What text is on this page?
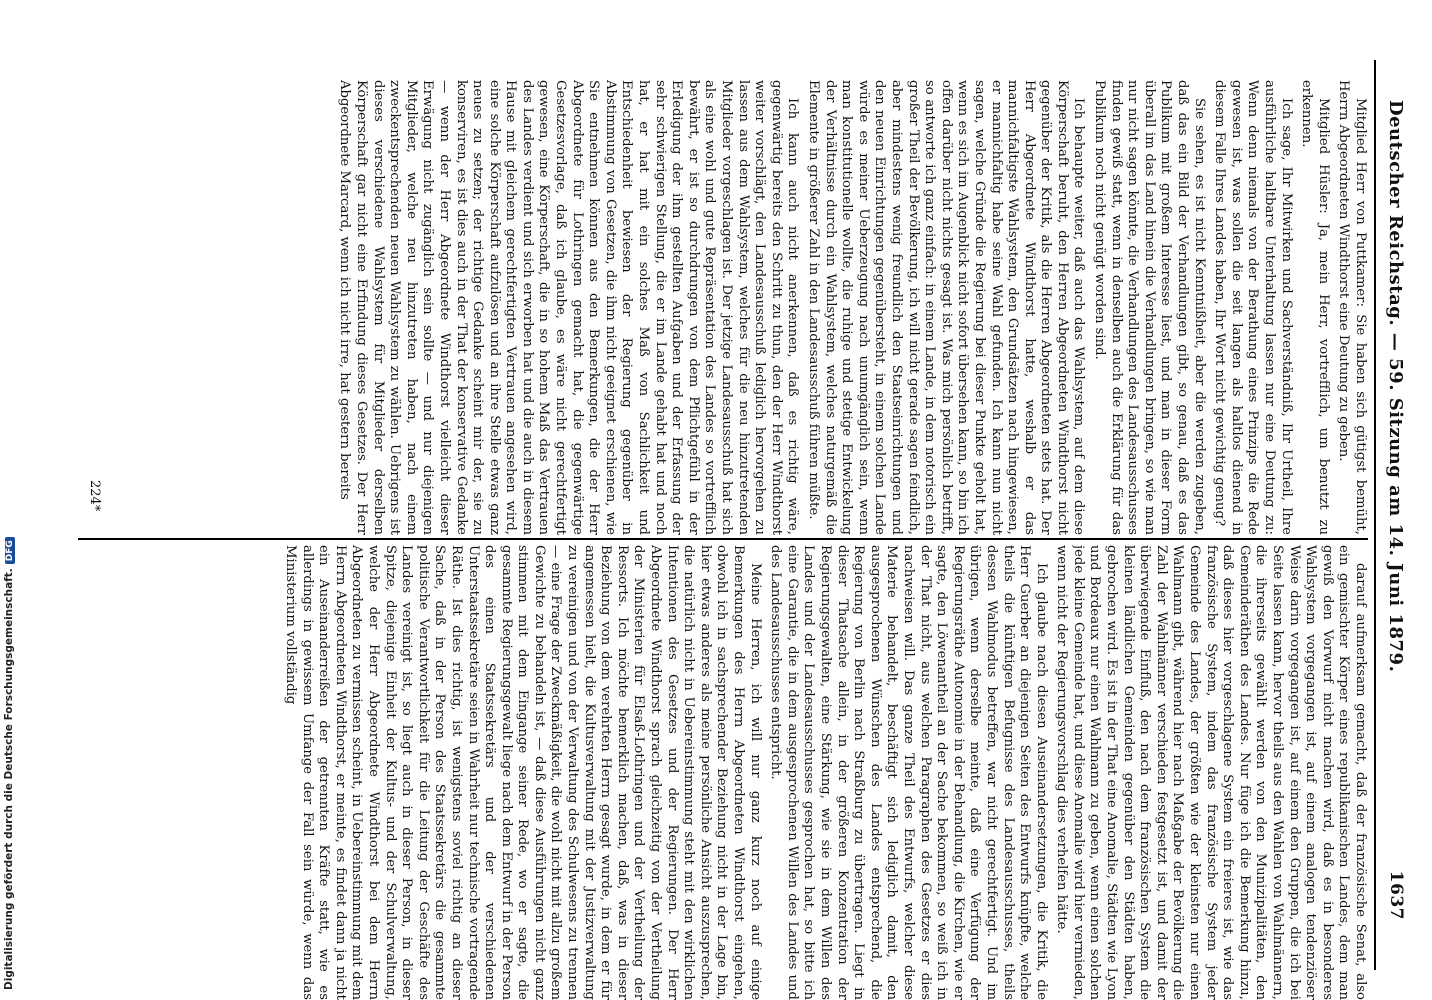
Deutscher Reichstag. — 59. Sitzung am 14. Juni 1879.
1637

Mitglied Herr von Puttkamer: Sie haben sich gütigst bemüht, Herrn Abgeordneten Windthorst eine Deutung zu geben.

Mitglied Hüsler: Ja, mein Herr, vortrefflich, um benutzt zu erkennen.

Ich sage, Ihr Mitwirken und Sachverständniß, Ihr Urtheil, Ihre ausführliche haltbare Unterhaltung lassen nur eine Deutung zu: Wenn denn niemals von der Berathung eines Prinzips die Rede gewesen ist, was sollen die seit langen als haltlos dienend in diesem Falle Ihres Landes haben, Ihr Wort nicht gewichtig genug?

Sie sehen, es ist nicht Kenntnißheit, aber die werden zugeben, daß das ein Bild der Verhandlungen gibt, so genau, daß es das Publikum mit großem Interesse liest, und man in dieser Form überall im das Land hinein die Verhandlungen bringen, so wie man nur nicht sagen könnte, die Verhandlungen des Landesausschusses finden gewiß statt, wenn in denselben auch die Erklärung für das Publikum noch nicht genügt worden sind.

Ich behaupte weiter, daß auch das Wahlsystem, auf dem diese Körperschaft beruht, den Herren Abgeordneten Windthorst nicht gegenüber der Kritik, als die Herren Abgeordneten stets hat. Der Herr Abgeordnete Windthorst hatte, weshalb er das mannichfaltigste Wahlsystem, den Grundsätzen nach hingewiesen, er mannichfaltig habe seine Wahl gefunden. Ich kann nun nicht sagen, welche Gründe die Regierung bei dieser Punkte geholt hat, wenn es sich im Augenblick nicht sofort übersehen kann, so bin ich offen darüber nicht nichts gesagt ist. Was mich persönlich betrifft, so antworte ich ganz einfach: in einem Lande, in dem notorisch ein großer Theil der Bevölkerung, ich will nicht gerade sagen feindlich, aber mindestens wenig freundlich den Staatseinrichtungen und den neuen Einrichtungen gegenübersteht, in einem solchen Lande würde es meiner Ueberzeugung nach unumgänglich sein, wenn man konstitutionelle wollte, die ruhige und stetige Entwickelung der Verhältnisse durch ein Wahlsystem, welches naturgemäß die Elemente in größerer Zahl in den Landesausschuß führen müßte.

Ich kann auch nicht anerkennen, daß es richtig wäre, gegenwärtig bereits den Schritt zu thun, den der Herr Windthorst weiter vorschlägt, den Landesausschuß lediglich hervorgehen zu lassen aus dem Wahlsystem, welches für die neu hinzutretenden Mitglieder vorgeschlagen ist. Der jetzige Landesausschuß hat sich als eine wohl und gute Repräsentation des Landes so vortrefflich bewährt, er ist so durchdrungen von dem Pflichtgefühl in der Erledigung der ihm gestellten Aufgaben und der Erfassung der sehr schwierigen Stellung, die er im Lande gehabt hat und noch hat, er hat mit ein solches Maß von Sachlichkeit und Entschiedenheit bewiesen der Regierung gegenüber in Abstimmung von Gesetzen, die ihm nicht geeignet erschienen, wie Sie entnehmen können aus den Bemerkungen, die der Herr Abgeordnete für Lothringen gemacht hat, die gegenwärtige Gesetzesvorlage, daß ich glaube, es wäre nicht gerechtfertigt gewesen, eine Körperschaft, die in so hohem Maß das Vertrauen des Landes verdient und sich erworben hat und die auch in diesem Hause mit gleichem gerechtfertigten Vertrauen angesehen wird, eine solche Körperschaft aufzulösen und an ihre Stelle etwas ganz neues zu setzen; der richtige Gedanke scheint mir der, sie zu konserviren, es ist dies auch in der That der konservative Gedanke — wenn der Herr Abgeordnete Windthorst vielleicht dieser Erwägung nicht zugänglich sein sollte — und nur diejenigen Mitglieder, welche neu hinzutreten haben, nach einem zweckentsprechenden neuen Wahlsystem zu wählen. Uebrigens ist dieses verschiedene Wahlsystem für Mitglieder derselben Körperschaft gar nicht eine Erfindung dieses Gesetzes. Der Herr Abgeordnete Marcard, wenn ich nicht irre, hat gestern bereits

darauf aufmerksam gemacht, daß der französische Senat, also ein gemischter Körper eines republikanischen Landes, dem man gewiß den Vorwurf nicht machen wird, daß es in besonderes Wahlsystem vorgegangen ist, auf einem analogen tendenziöser Weise darin vorgegangen ist, auf einem den Gruppen, die ich bei Seite lassen kann, hervor theils aus den Wahlen von Wahlmännern, die ihrerseits gewählt werden von den Munizipalitäten, den Gemeinderäthen des Landes. Nur füge ich die Bemerkung hinzu, daß dieses hier vorgeschlagene System ein freieres ist, wie das französische System, indem das französische System jeder Gemeinde des Landes, der größten wie der kleinsten nur einen Wahlmann gibt, während hier nach Maßgabe der Bevölkerung die Zahl der Wahlmänner verschieden festgesetzt ist, und damit der überwiegende Einfluß, den nach dem französischen System die kleinen ländlichen Gemeinden gegenüber den Städten haben, gebrochen wird. Es ist in der That eine Anomalie, Städten wie Lyon und Bordeaux nur einen Wahlmann zu geben, wenn einen solchen jede kleine Gemeinde hat, und diese Anomalie wird hier vermieden, wenn nicht der Regierungsvorschlag dies verhelfen hätte.

Ich glaube nach diesen Auseinandersetzungen, die Kritik, die Herr Guerber an diejenigen Seiten des Entwurfs knüpfte, welche theils die künftigen Befugnisse des Landesausschusses, theils dessen Wahlmodus betreffen, war nicht gerechtfertigt. Und im übrigen, wenn derselbe meinte, daß eine Verfügung der Regierungsräthe Autonomie in der Behandlung, die Kirchen, wie er sagte, den Löwenantheil an der Sache bekommen, so weiß ich in der That nicht, aus welchen Paragraphen des Gesetzes er dies nachweisen will. Das ganze Theil des Entwurfs, welcher diese Materie behandelt, beschäftigt sich lediglich damit, den ausgesprochenen Wünschen des Landes entsprechend, die Regierung von Berlin nach Straßburg zu übertragen. Liegt in dieser Thatsache allein, in der größeren Konzentration der Regierungsgewalten, eine Stärkung, wie sie in dem Willen des Landes und der Landesausschusses gesprochen hat, so bitte ich eine Garantie, die in dem ausgesprochenen Willen des Landes und des Landesausschusses entspricht.

Meine Herren, ich will nur ganz kurz noch auf einige Bemerkungen des Herrn Abgeordneten Windthorst eingehen, obwohl ich in sachsprechender Beziehung nicht in der Lage bin, hier etwas anderes als meine persönliche Ansicht auszusprechen, die natürlich nicht in Uebereinstimmung steht mit den wirklichen Intentionen des Gesetzes und der Regierungen. Der Herr Abgeordnete Windthorst sprach gleichzeitig von der Vertheilung der Ministerien für Elsaß-Lothringen und der Vertheilung der Ressorts. Ich möchte bemerklich machen, daß, was in dieser Beziehung von dem verehrten Herrn gesagt wurde, in dem er für angemessen hielt, die Kultusverwaltung mit der Justizverwaltung zu vereinigen und von der Verwaltung des Schulwesens zu trennen — eine Frage der Zweckmäßigkeit, die wohl nicht mit allzu großem Gewichte zu behandeln ist, — daß diese Ausführungen nicht ganz stimmen mit dem Eingange seiner Rede, wo er sagte, die gesammte Regierungsgewalt liege nach dem Entwurf in der Person des einen Staatssekretärs und der verschiedenen Unterstaatssekretäre seien in Wahrheit nur technische vortragende Räthe. Ist dies richtig, ist wenigstens soviel richtig an dieser Sache, daß in der Person des Staatssekretärs die gesammte politische Verantwortlichkeit für die Leitung der Geschäfte des Landes vereinigt ist, so liegt auch in dieser Person, in dieser Spitze, diejenige Einheit der Kultus- und der Schulverwaltung, welche der Herr Abgeordnete Windthorst bei dem Herrn Abgeordneten zu vermissen scheint, in Uebereinstimmung mit dem Herrn Abgeordneten Windthorst, er meinte, es findet dann ja nicht ein Auseinanderreißen der getrennten Kräfte statt, wie es allerdings in gewissem Umfange der Fall sein würde, wenn das Ministerium vollständig

224*
Digitalisierung gefördert durch die Deutsche Forschungsgemeinschaft.DFG
